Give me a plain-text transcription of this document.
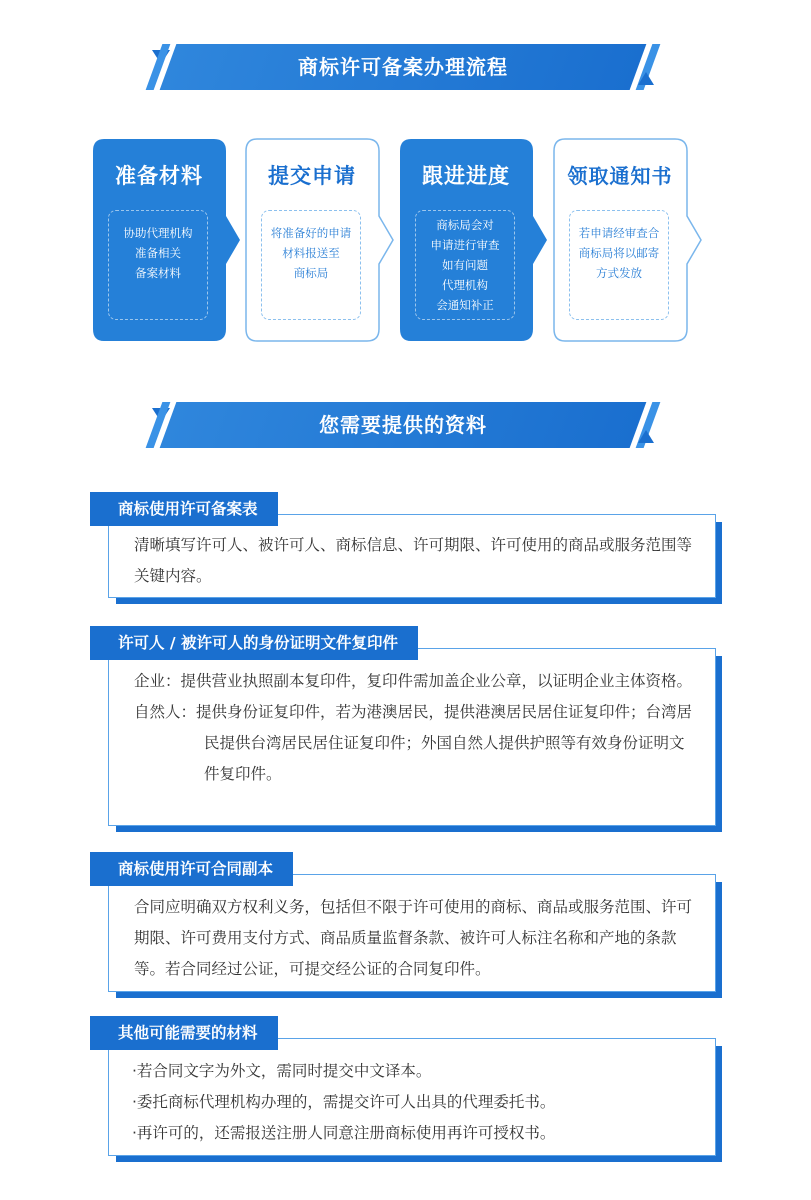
商标许可备案办理流程
准备材料
协助代理机构
准备相关
备案材料
提交申请
将准备好的申请
材料报送至
商标局
跟进进度
商标局会对
申请进行审查
如有问题
代理机构
会通知补正
领取通知书
若申请经审查合
商标局将以邮寄
方式发放
您需要提供的资料
商标使用许可备案表
清晰填写许可人、被许可人、商标信息、许可期限、许可使用的商品或服务范围等关键内容。
许可人 / 被许可人的身份证明文件复印件
企业：提供营业执照副本复印件，复印件需加盖企业公章，以证明企业主体资格。
自然人：提供身份证复印件，若为港澳居民，提供港澳居民居住证复印件；台湾居民提供台湾居民居住证复印件；外国自然人提供护照等有效身份证明文件复印件。
商标使用许可合同副本
合同应明确双方权利义务，包括但不限于许可使用的商标、商品或服务范围、许可期限、许可费用支付方式、商品质量监督条款、被许可人标注名称和产地的条款等。若合同经过公证，可提交经公证的合同复印件。
其他可能需要的材料
·若合同文字为外文，需同时提交中文译本。
·委托商标代理机构办理的，需提交许可人出具的代理委托书。
·再许可的，还需报送注册人同意注册商标使用再许可授权书。
